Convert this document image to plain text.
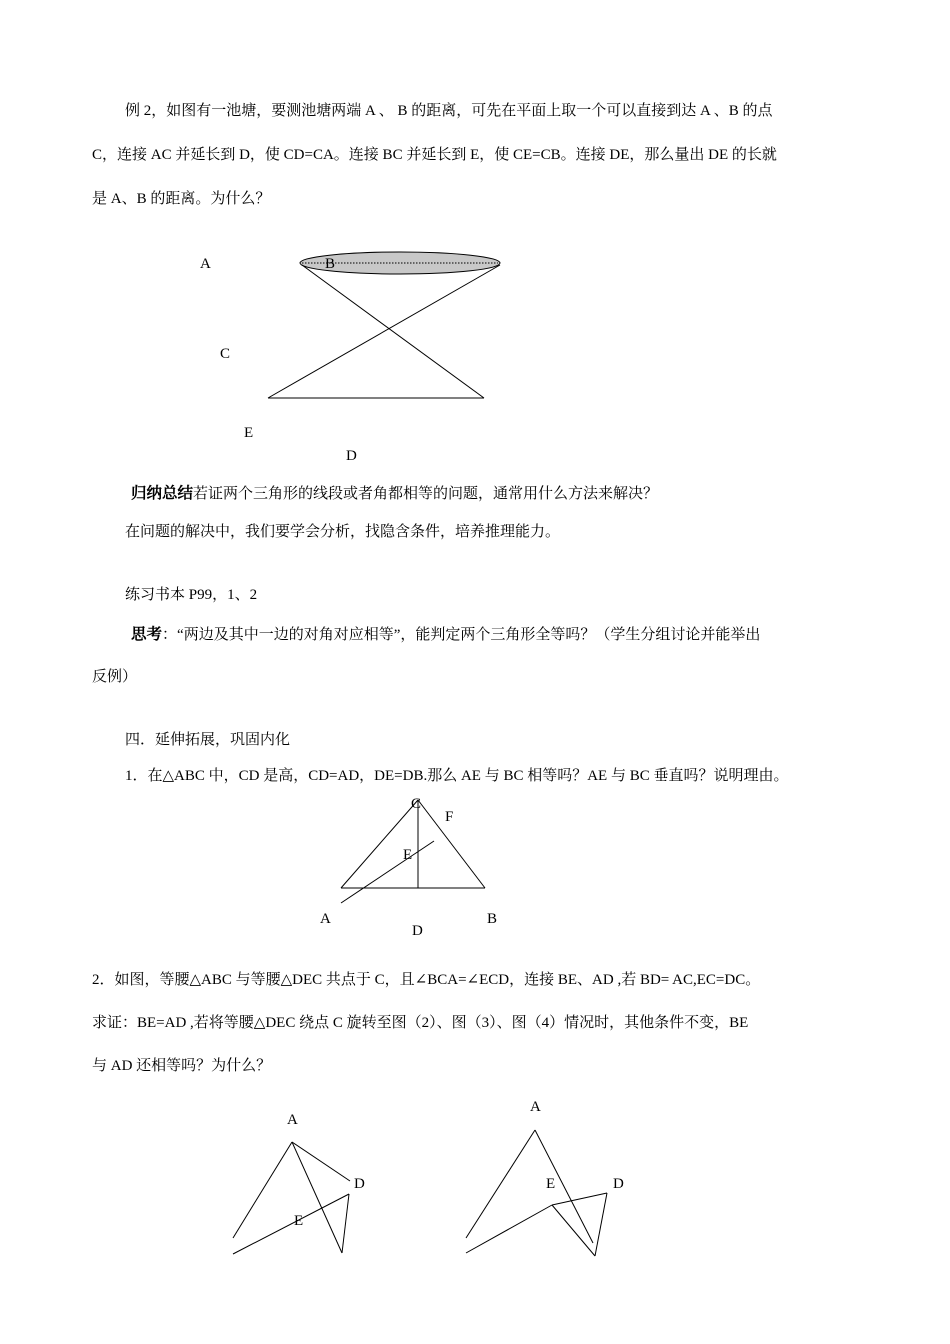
例 2，如图有一池塘，要测池塘两端 A 、 B 的距离，可先在平面上取一个可以直接到达 A 、B 的点
C，连接 AC 并延长到 D，使 CD=CA。连接 BC 并延长到 E，使 CE=CB。连接 DE，那么量出 DE 的长就
是 A、B 的距离。为什么？
A	B
C
E
D
归纳总结若证两个三角形的线段或者角都相等的问题，通常用什么方法来解决？
在问题的解决中，我们要学会分析，找隐含条件，培养推理能力。
练习书本 P99，1、2
思考：“两边及其中一边的对角对应相等”，能判定两个三角形全等吗？（学生分组讨论并能举出
反例）
四．延伸拓展，巩固内化
1．在△ABC 中，CD 是高，CD=AD，DE=DB.那么 AE 与 BC 相等吗？AE 与 BC 垂直吗？说明理由。
C
F
E
A	B
D
2．如图，等腰△ABC 与等腰△DEC 共点于 C，且∠BCA=∠ECD，连接 BE、AD ,若 BD= AC,EC=DC。
求证：BE=AD ,若将等腰△DEC 绕点 C 旋转至图（2）、图（3）、图（4）情况时，其他条件不变，BE
与 AD 还相等吗？为什么？
A
D
E
A
E	D
